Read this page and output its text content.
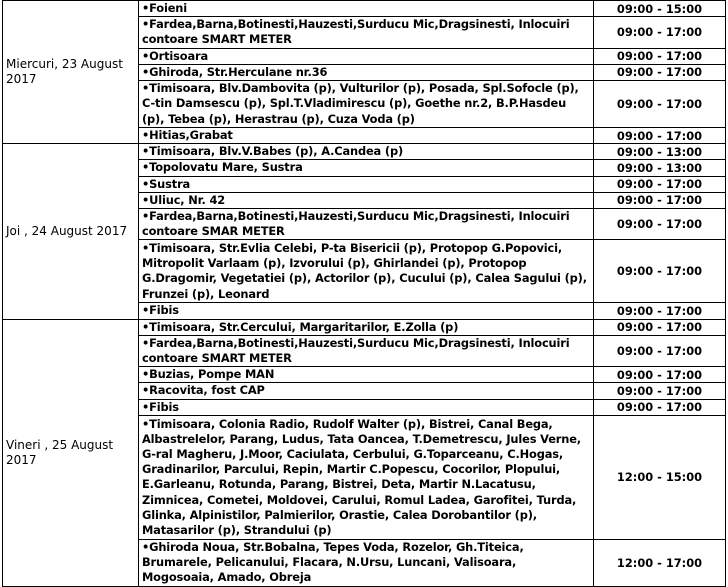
Miercuri, 23 August 2017	•Foieni	09:00 - 15:00
	•Fardea,Barna,Botinesti,Hauzesti,Surducu Mic,Dragsinesti, Inlocuiri contoare SMART METER	09:00 - 17:00
	•Ortisoara	09:00 - 17:00
	•Ghiroda, Str.Herculane nr.36	09:00 - 17:00
	•Timisoara, Blv.Dambovita (p), Vulturilor (p), Posada, Spl.Sofocle (p), C-tin Damsescu (p), Spl.T.Vladimirescu (p), Goethe nr.2, B.P.Hasdeu (p), Tebea (p), Herastrau (p), Cuza Voda (p)	09:00 - 17:00
	•Hitias,Grabat	09:00 - 17:00
Joi , 24 August 2017	•Timisoara, Blv.V.Babes (p), A.Candea (p)	09:00 - 13:00
	•Topolovatu Mare, Sustra	09:00 - 13:00
	•Sustra	09:00 - 17:00
	•Uliuc, Nr. 42	09:00 - 17:00
	•Fardea,Barna,Botinesti,Hauzesti,Surducu Mic,Dragsinesti, Inlocuiri contoare SMAR METER	09:00 - 17:00
	•Timisoara, Str.Evlia Celebi, P-ta Bisericii (p), Protopop G.Popovici, Mitropolit Varlaam (p), Izvorului (p), Ghirlandei (p), Protopop G.Dragomir, Vegetatiei (p), Actorilor (p), Cucului (p), Calea Sagului (p), Frunzei (p), Leonard	09:00 - 17:00
	•Fibis	09:00 - 17:00
Vineri , 25 August 2017	•Timisoara, Str.Cercului, Margaritarilor, E.Zolla (p)	09:00 - 17:00
	•Fardea,Barna,Botinesti,Hauzesti,Surducu Mic,Dragsinesti, Inlocuiri contoare SMART METER	09:00 - 17:00
	•Buzias, Pompe MAN	09:00 - 17:00
	•Racovita, fost CAP	09:00 - 17:00
	•Fibis	09:00 - 17:00
	•Timisoara, Colonia Radio, Rudolf Walter (p), Bistrei, Canal Bega, Albastrelelor, Parang, Ludus, Tata Oancea, T.Demetrescu, Jules Verne, G-ral Magheru, J.Moor, Caciulata, Cerbului, G.Toparceanu, C.Hogas, Gradinarilor, Parcului, Repin, Martir C.Popescu, Cocorilor, Plopului, E.Garleanu, Rotunda, Parang, Bistrei, Deta, Martir N.Lacatusu, Zimnicea, Cometei, Moldovei, Carului, Romul Ladea, Garofitei, Turda, Glinka, Alpinistilor, Palmierilor, Orastie, Calea Dorobantilor (p), Matasarilor (p), Strandului (p)	12:00 - 15:00
	•Ghiroda Noua, Str.Bobalna, Tepes Voda, Rozelor, Gh.Titeica, Brumarele, Pelicanului, Flacara, N.Ursu, Luncani, Valisoara, Mogosoaia, Amado, Obreja	12:00 - 17:00
